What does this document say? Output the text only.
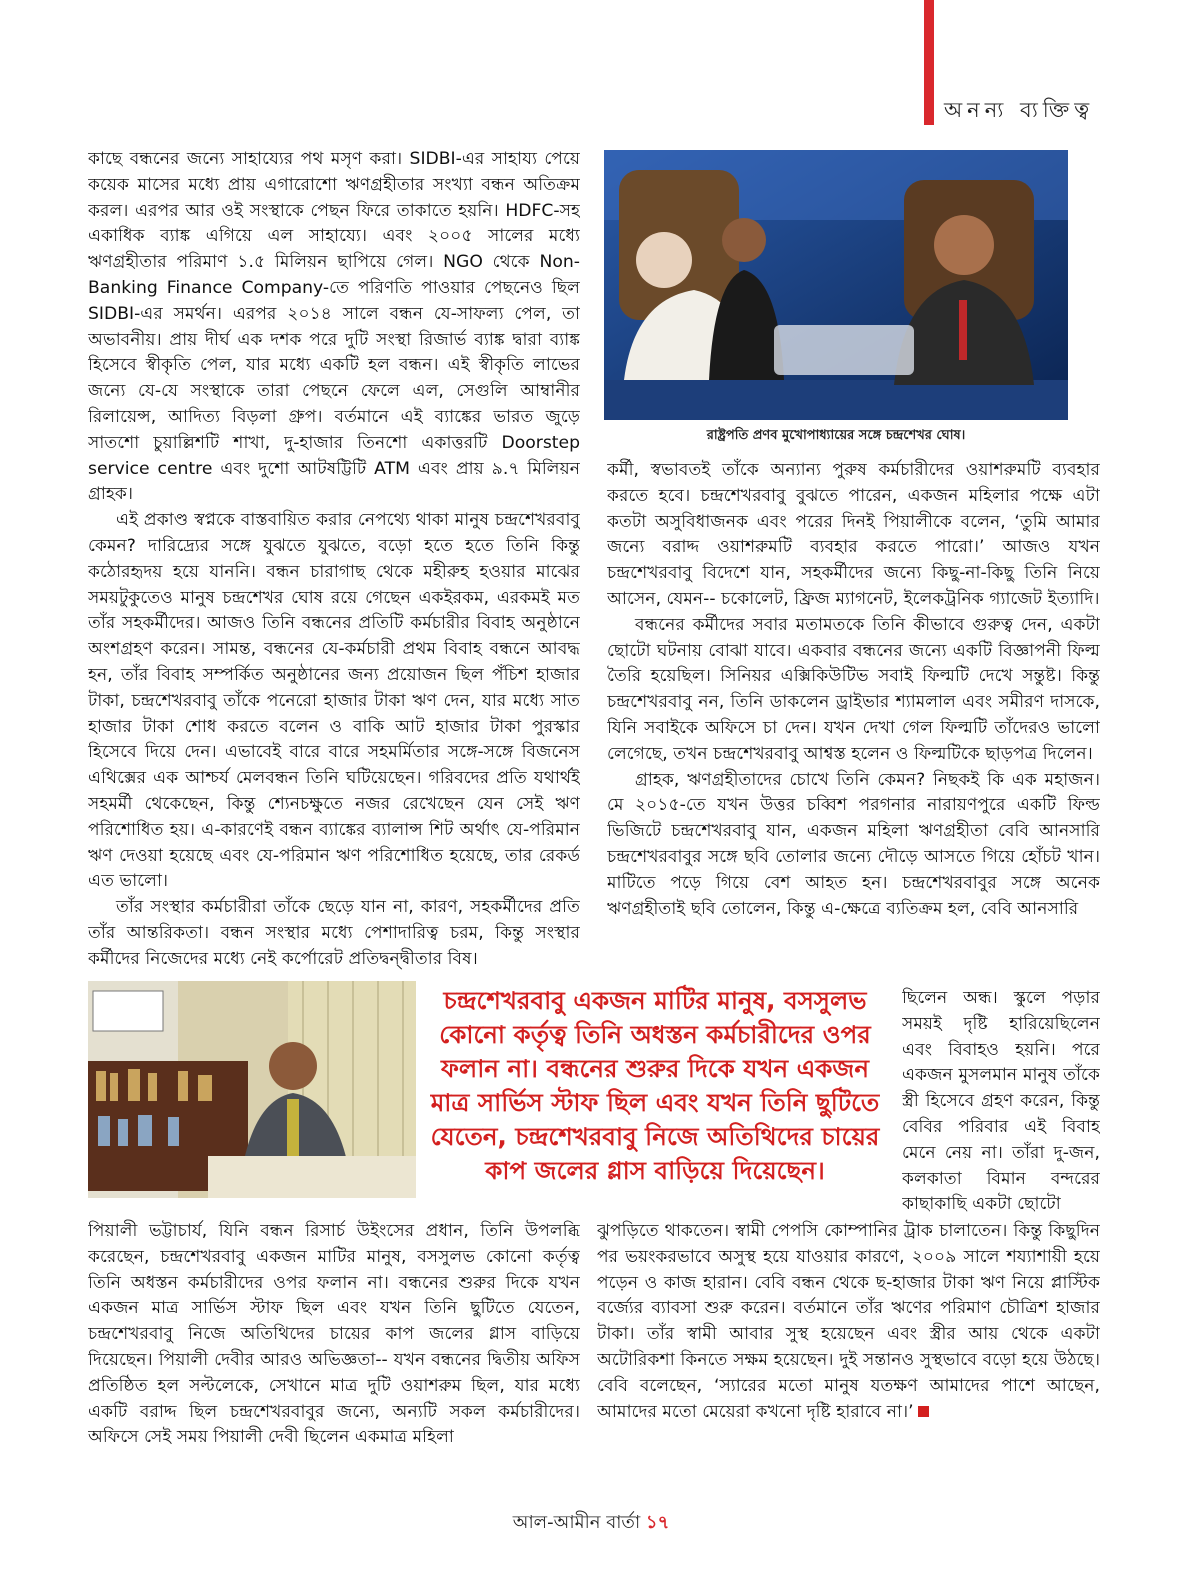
অনন্য ব্যক্তিত্ব

কাছে বন্ধনের জন্যে সাহায্যের পথ মসৃণ করা। SIDBI-এর সাহায্য পেয়ে কয়েক মাসের মধ্যে প্রায় এগারোশো ঋণগ্রহীতার সংখ্যা বন্ধন অতিক্রম করল। এরপর আর ওই সংস্থাকে পেছন ফিরে তাকাতে হয়নি। HDFC-সহ একাধিক ব্যাঙ্ক এগিয়ে এল সাহায্যে। এবং ২০০৫ সালের মধ্যে ঋণগ্রহীতার পরিমাণ ১.৫ মিলিয়ন ছাপিয়ে গেল। NGO থেকে Non-Banking Finance Company-তে পরিণতি পাওয়ার পেছনেও ছিল SIDBI-এর সমর্থন। এরপর ২০১৪ সালে বন্ধন যে-সাফল্য পেল, তা অভাবনীয়। প্রায় দীর্ঘ এক দশক পরে দুটি সংস্থা রিজার্ভ ব্যাঙ্ক দ্বারা ব্যাঙ্ক হিসেবে স্বীকৃতি পেল, যার মধ্যে একটি হল বন্ধন। এই স্বীকৃতি লাভের জন্যে যে-যে সংস্থাকে তারা পেছনে ফেলে এল, সেগুলি আম্বানীর রিলায়েন্স, আদিত্য বিড়লা গ্রুপ। বর্তমানে এই ব্যাঙ্কের ভারত জুড়ে সাতশো চুয়াল্লিশটি শাখা, দু-হাজার তিনশো একাত্তরটি Doorstep service centre এবং দুশো আটষট্টিটি ATM এবং প্রায় ৯.৭ মিলিয়ন গ্রাহক।

এই প্রকাণ্ড স্বপ্নকে বাস্তবায়িত করার নেপথ্যে থাকা মানুষ চন্দ্রশেখরবাবু কেমন? দারিদ্র্যের সঙ্গে যুঝতে যুঝতে, বড়ো হতে হতে তিনি কিন্তু কঠোরহৃদয় হয়ে যাননি। বন্ধন চারাগাছ থেকে মহীরুহ হওয়ার মাঝের সময়টুকুতেও মানুষ চন্দ্রশেখর ঘোষ রয়ে গেছেন একইরকম, এরকমই মত তাঁর সহকর্মীদের। আজও তিনি বন্ধনের প্রতিটি কর্মচারীর বিবাহ অনুষ্ঠানে অংশগ্রহণ করেন। সামন্ত, বন্ধনের যে-কর্মচারী প্রথম বিবাহ বন্ধনে আবদ্ধ হন, তাঁর বিবাহ সম্পর্কিত অনুষ্ঠানের জন্য প্রয়োজন ছিল পঁচিশ হাজার টাকা, চন্দ্রশেখরবাবু তাঁকে পনেরো হাজার টাকা ঋণ দেন, যার মধ্যে সাত হাজার টাকা শোধ করতে বলেন ও বাকি আট হাজার টাকা পুরস্কার হিসেবে দিয়ে দেন। এভাবেই বারে বারে সহমর্মিতার সঙ্গে-সঙ্গে বিজনেস এথিক্সের এক আশ্চর্য মেলবন্ধন তিনি ঘটিয়েছেন। গরিবদের প্রতি যথার্থই সহমর্মী থেকেছেন, কিন্তু শ্যেনচক্ষুতে নজর রেখেছেন যেন সেই ঋণ পরিশোধিত হয়। এ-কারণেই বন্ধন ব্যাঙ্কের ব্যালান্স শিট অর্থাৎ যে-পরিমান ঋণ দেওয়া হয়েছে এবং যে-পরিমান ঋণ পরিশোধিত হয়েছে, তার রেকর্ড এত ভালো।

তাঁর সংস্থার কর্মচারীরা তাঁকে ছেড়ে যান না, কারণ, সহকর্মীদের প্রতি তাঁর আন্তরিকতা। বন্ধন সংস্থার মধ্যে পেশাদারিত্ব চরম, কিন্তু সংস্থার কর্মীদের নিজেদের মধ্যে নেই কর্পোরেট প্রতিদ্বন্দ্বীতার বিষ।

রাষ্ট্রপতি প্রণব মুখোপাধ্যায়ের সঙ্গে চন্দ্রশেখর ঘোষ।

কর্মী, স্বভাবতই তাঁকে অন্যান্য পুরুষ কর্মচারীদের ওয়াশরুমটি ব্যবহার করতে হবে। চন্দ্রশেখরবাবু বুঝতে পারেন, একজন মহিলার পক্ষে এটা কতটা অসুবিধাজনক এবং পরের দিনই পিয়ালীকে বলেন, ‘তুমি আমার জন্যে বরাদ্দ ওয়াশরুমটি ব্যবহার করতে পারো।’ আজও যখন চন্দ্রশেখরবাবু বিদেশে যান, সহকর্মীদের জন্যে কিছু-না-কিছু তিনি নিয়ে আসেন, যেমন-- চকোলেট, ফ্রিজ ম্যাগনেট, ইলেকট্রনিক গ্যাজেট ইত্যাদি।

বন্ধনের কর্মীদের সবার মতামতকে তিনি কীভাবে গুরুত্ব দেন, একটা ছোটো ঘটনায় বোঝা যাবে। একবার বন্ধনের জন্যে একটি বিজ্ঞাপনী ফিল্ম তৈরি হয়েছিল। সিনিয়র এক্সিকিউটিভ সবাই ফিল্মটি দেখে সন্তুষ্ট। কিন্তু চন্দ্রশেখরবাবু নন, তিনি ডাকলেন ড্রাইভার শ্যামলাল এবং সমীরণ দাসকে, যিনি সবাইকে অফিসে চা দেন। যখন দেখা গেল ফিল্মটি তাঁদেরও ভালো লেগেছে, তখন চন্দ্রশেখরবাবু আশ্বস্ত হলেন ও ফিল্মটিকে ছাড়পত্র দিলেন।

গ্রাহক, ঋণগ্রহীতাদের চোখে তিনি কেমন? নিছকই কি এক মহাজন। মে ২০১৫-তে যখন উত্তর চব্বিশ পরগনার নারায়ণপুরে একটি ফিল্ড ভিজিটে চন্দ্রশেখরবাবু যান, একজন মহিলা ঋণগ্রহীতা বেবি আনসারি চন্দ্রশেখরবাবুর সঙ্গে ছবি তোলার জন্যে দৌড়ে আসতে গিয়ে হোঁচট খান। মাটিতে পড়ে গিয়ে বেশ আহত হন। চন্দ্রশেখরবাবুর সঙ্গে অনেক ঋণগ্রহীতাই ছবি তোলেন, কিন্তু এ-ক্ষেত্রে ব্যতিক্রম হল, বেবি আনসারি

চন্দ্রশেখরবাবু একজন মাটির মানুষ, বসসুলভ কোনো কর্তৃত্ব তিনি অধস্তন কর্মচারীদের ওপর ফলান না। বন্ধনের শুরুর দিকে যখন একজন মাত্র সার্ভিস স্টাফ ছিল এবং যখন তিনি ছুটিতে যেতেন, চন্দ্রশেখরবাবু নিজে অতিথিদের চায়ের কাপ জলের গ্লাস বাড়িয়ে দিয়েছেন।

ছিলেন অন্ধ। স্কুলে পড়ার সময়ই দৃষ্টি হারিয়েছিলেন এবং বিবাহও হয়নি। পরে একজন মুসলমান মানুষ তাঁকে স্ত্রী হিসেবে গ্রহণ করেন, কিন্তু বেবির পরিবার এই বিবাহ মেনে নেয় না। তাঁরা দু-জন, কলকাতা বিমান বন্দরের কাছাকাছি একটা ছোটো

পিয়ালী ভট্টাচার্য, যিনি বন্ধন রিসার্চ উইংসের প্রধান, তিনি উপলব্ধি করেছেন, চন্দ্রশেখরবাবু একজন মাটির মানুষ, বসসুলভ কোনো কর্তৃত্ব তিনি অধস্তন কর্মচারীদের ওপর ফলান না। বন্ধনের শুরুর দিকে যখন একজন মাত্র সার্ভিস স্টাফ ছিল এবং যখন তিনি ছুটিতে যেতেন, চন্দ্রশেখরবাবু নিজে অতিথিদের চায়ের কাপ জলের গ্লাস বাড়িয়ে দিয়েছেন। পিয়ালী দেবীর আরও অভিজ্ঞতা-- যখন বন্ধনের দ্বিতীয় অফিস প্রতিষ্ঠিত হল সল্টলেকে, সেখানে মাত্র দুটি ওয়াশরুম ছিল, যার মধ্যে একটি বরাদ্দ ছিল চন্দ্রশেখরবাবুর জন্যে, অন্যটি সকল কর্মচারীদের। অফিসে সেই সময় পিয়ালী দেবী ছিলেন একমাত্র মহিলা

ঝুপড়িতে থাকতেন। স্বামী পেপসি কোম্পানির ট্রাক চালাতেন। কিন্তু কিছুদিন পর ভয়ংকরভাবে অসুস্থ হয়ে যাওয়ার কারণে, ২০০৯ সালে শয্যাশায়ী হয়ে পড়েন ও কাজ হারান। বেবি বন্ধন থেকে ছ-হাজার টাকা ঋণ নিয়ে প্লাস্টিক বর্জ্যের ব্যাবসা শুরু করেন। বর্তমানে তাঁর ঋণের পরিমাণ চৌত্রিশ হাজার টাকা। তাঁর স্বামী আবার সুস্থ হয়েছেন এবং স্ত্রীর আয় থেকে একটা অটোরিকশা কিনতে সক্ষম হয়েছেন। দুই সন্তানও সুস্থভাবে বড়ো হয়ে উঠছে। বেবি বলেছেন, ‘স্যারের মতো মানুষ যতক্ষণ আমাদের পাশে আছেন, আমাদের মতো মেয়েরা কখনো দৃষ্টি হারাবে না।’

আল-আমীন বার্তা ১৭
